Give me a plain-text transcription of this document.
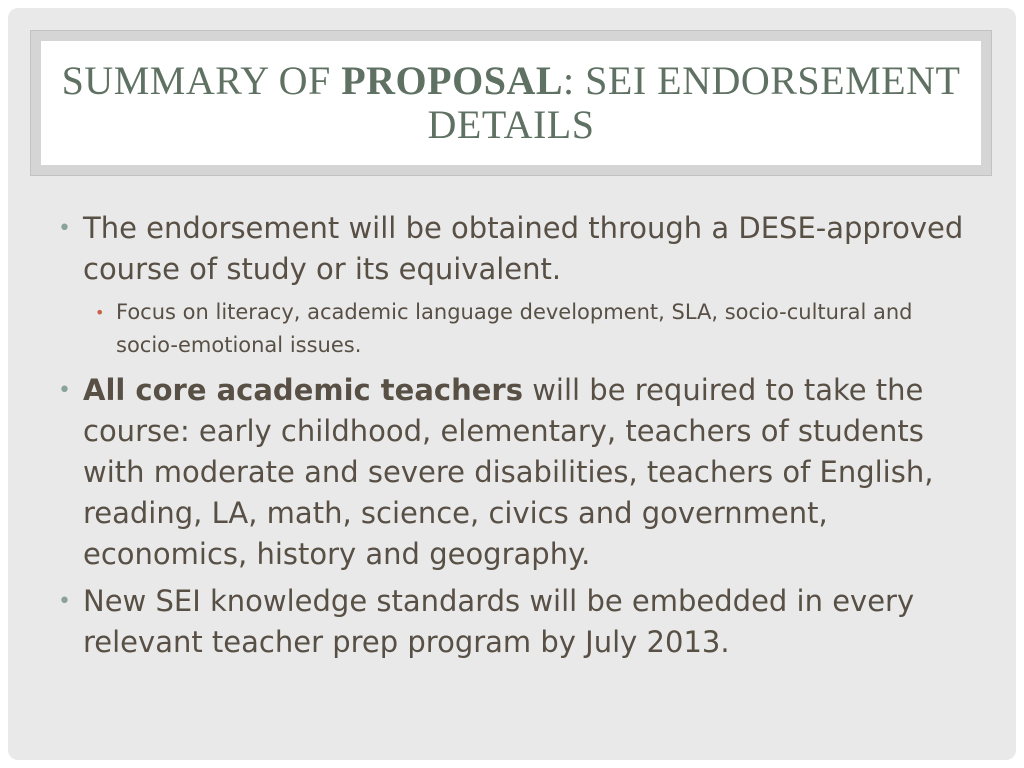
SUMMARY OF PROPOSAL: SEI ENDORSEMENT DETAILS
• The endorsement will be obtained through a DESE-approved course of study or its equivalent.
• Focus on literacy, academic language development, SLA, socio-cultural and socio-emotional issues.
• All core academic teachers will be required to take the course: early childhood, elementary, teachers of students with moderate and severe disabilities, teachers of English, reading, LA, math, science, civics and government, economics, history and geography.
• New SEI knowledge standards will be embedded in every relevant teacher prep program by July 2013.
